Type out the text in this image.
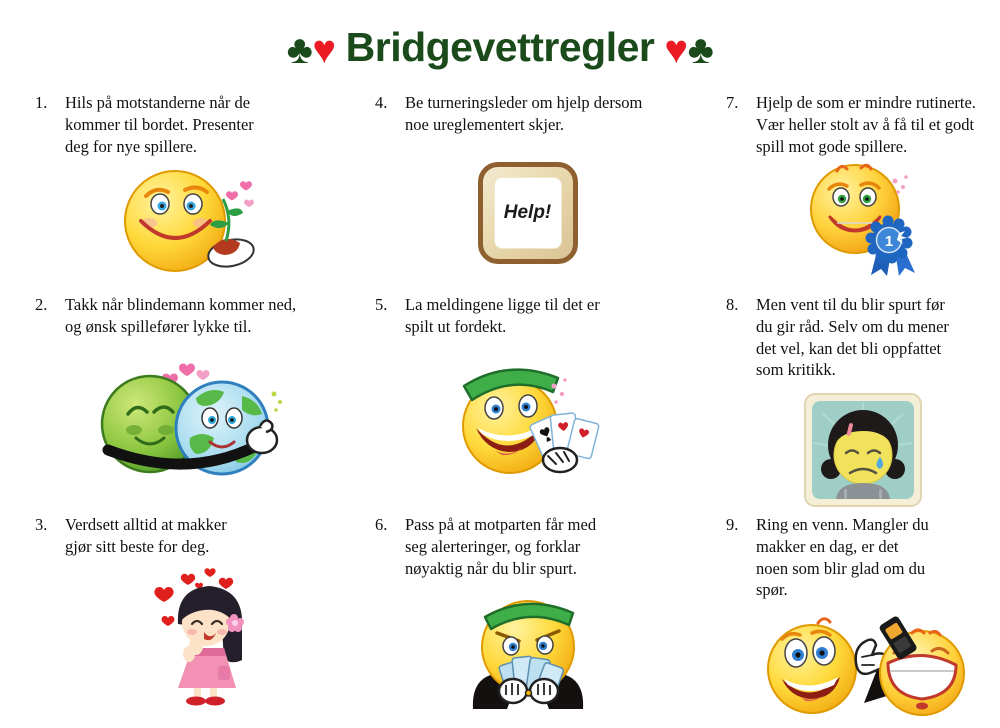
♣♥ Bridgevettregler ♥♣
1.	Hils på motstanderne når de kommer til bordet. Presenter deg for nye spillere.

4.	Be turneringsleder om hjelp dersom noe ureglementert skjer.

Help!
7.	Hjelp de som er mindre rutinerte. Vær heller stolt av å få til et godt spill mot gode spillere.

1
2.	Takk når blindemann kommer ned, og ønsk spillefører lykke til.

5.	La meldingene ligge til det er spilt ut fordekt.

8.	Men vent til du blir spurt før du gir råd. Selv om du mener det vel, kan det bli oppfattet som kritikk.

3.	Verdsett alltid at makker gjør sitt beste for deg.

6.	Pass på at motparten får med seg alerteringer, og forklar nøyaktig når du blir spurt.

9.	Ring en venn. Mangler du makker en dag, er det noen som blir glad om du spør.
